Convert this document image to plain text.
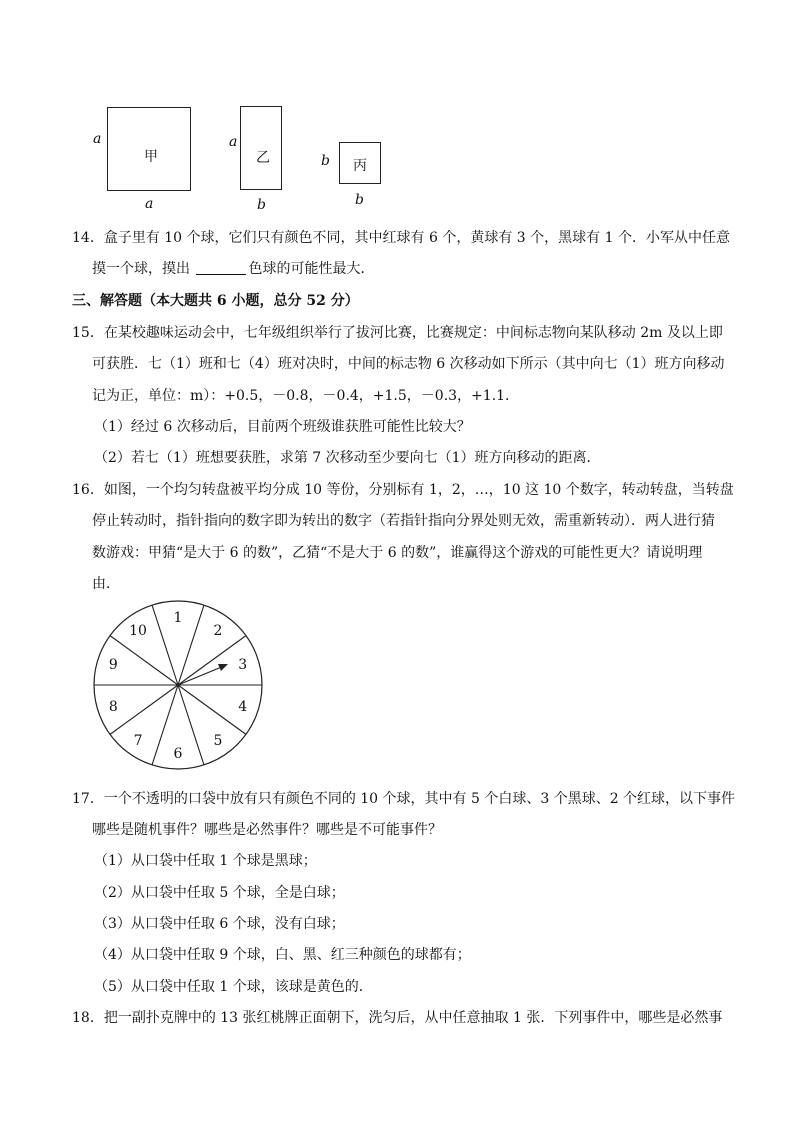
a
甲
a
a
乙
b
b 丙
b
14．盒子里有 10 个球，它们只有颜色不同，其中红球有 6 个，黄球有 3 个，黑球有 1 个．小军从中任意
摸一个球，摸出	色球的可能性最大．
三、解答题（本大题共 6 小题，总分 52 分）
15．在某校趣味运动会中，七年级组织举行了拔河比赛，比赛规定：中间标志物向某队移动 2m 及以上即
可获胜．七（1）班和七（4）班对决时，中间的标志物 6 次移动如下所示（其中向七（1）班方向移动
记为正，单位：m）：+0.5，－0.8，－0.4，+1.5，－0.3，+1.1．
（1）经过 6 次移动后，目前两个班级谁获胜可能性比较大？
（2）若七（1）班想要获胜，求第 7 次移动至少要向七（1）班方向移动的距离．
16．如图，一个均匀转盘被平均分成 10 等份，分别标有 1，2，…，10 这 10 个数字，转动转盘，当转盘
停止转动时，指针指向的数字即为转出的数字（若指针指向分界处则无效，需重新转动）．两人进行猜
数游戏：甲猜“是大于 6 的数”，乙猜“不是大于 6 的数”，谁赢得这个游戏的可能性更大？请说明理
由．
1
2
3
4
5
6
7
8
9
10
17．一个不透明的口袋中放有只有颜色不同的 10 个球，其中有 5 个白球、3 个黑球、2 个红球，以下事件
哪些是随机事件？哪些是必然事件？哪些是不可能事件？
（1）从口袋中任取 1 个球是黑球；
（2）从口袋中任取 5 个球，全是白球；
（3）从口袋中任取 6 个球，没有白球；
（4）从口袋中任取 9 个球，白、黑、红三种颜色的球都有；
（5）从口袋中任取 1 个球，该球是黄色的．
18．把一副扑克牌中的 13 张红桃牌正面朝下，洗匀后，从中任意抽取 1 张．下列事件中，哪些是必然事
